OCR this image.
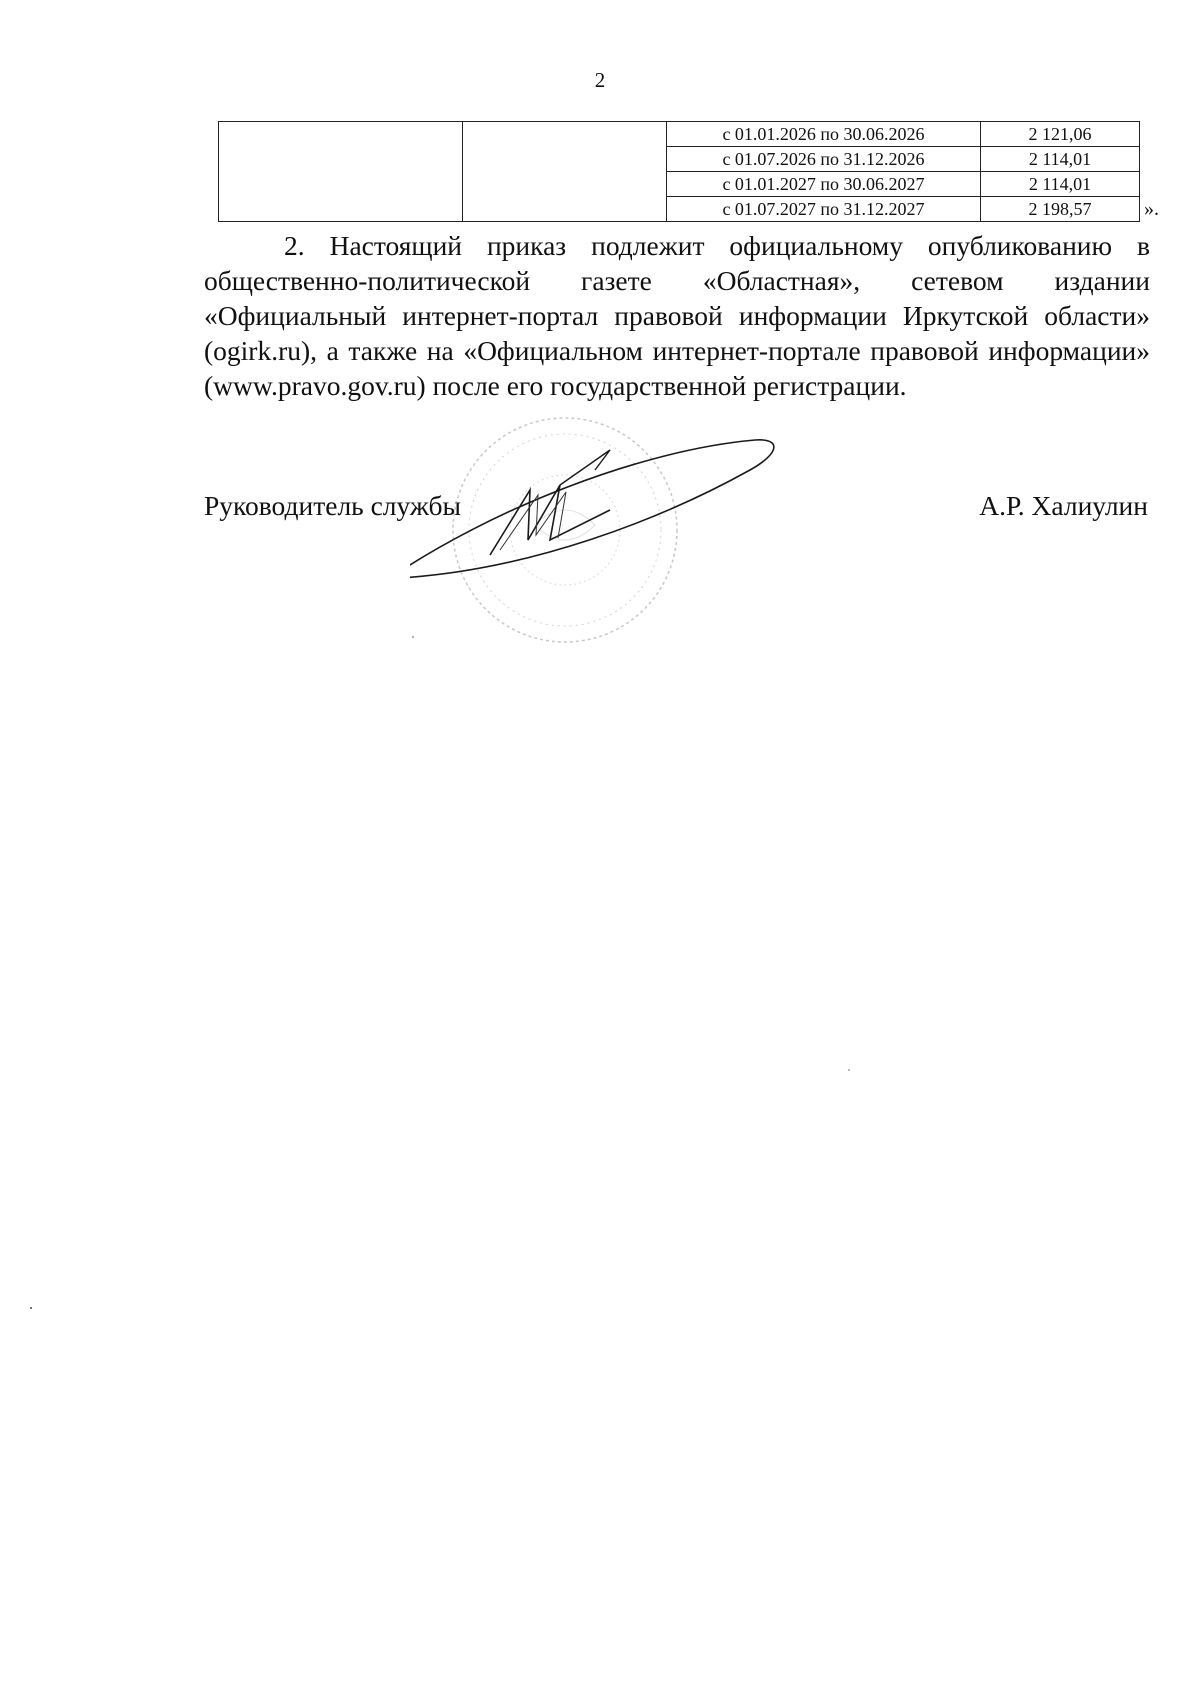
2
		с 01.01.2026 по 30.06.2026	2 121,06
		с 01.07.2026 по 31.12.2026	2 114,01
		с 01.01.2027 по 30.06.2027	2 114,01
		с 01.07.2027 по 31.12.2027	2 198,57	».

2. Настоящий приказ подлежит официальному опубликованию в общественно-политической газете «Областная», сетевом издании «Официальный интернет-портал правовой информации Иркутской области» (ogirk.ru), а также на «Официальном интернет-портале правовой информации» (www.pravo.gov.ru) после его государственной регистрации.

Руководитель службы	А.Р. Халиулин
